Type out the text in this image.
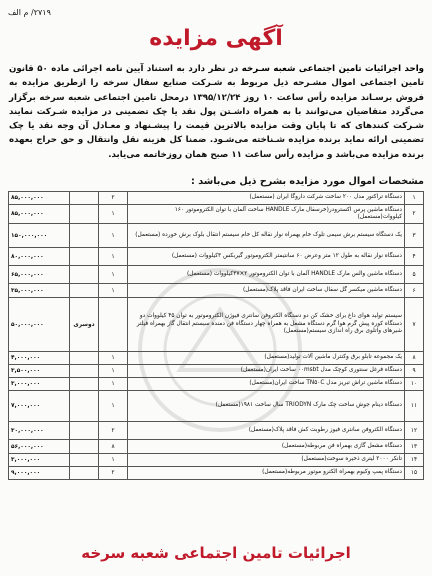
۲۷۱۹/ م الف
آگهی مزایده
واحد اجرائیات تامین اجتماعی شعبه سـرخه در نظر دارد به استناد آیین نامه اجرائی ماده ۵۰ قانون تامین اجتماعی اموال مشـرحه ذیل مربوط به شـرکت صنایع سفال سرخه را ازطریق مزایده به فروش برسـاند مزایده رأس ساعت ۱۰ روز ۱۳۹۵/۱۲/۲۴ درمحل تامین اجتماعی شعبه سرخه برگزار می‌گردد متقاضیان می‌توانند با به همراه داشـتن پول نقد یا چک تضمینی در مزایده شـرکت نمایند شـرکت کنندهای که تا پایان وقت مزایده بالاترین قیمت را پیشـنهاد و معـادل آن وجه نقد یا چک تضمینی ارائه نماید برنده مزایده شـناخته می‌شـود. ضمنا کل هزینه نقل وانتقال و حق حراج بعهده برنده مزایده می‌باشد و مزایده رأس ساعت ۱۱ صبح همان روزخاتمه می‌یابد.
مشخصات اموال مورد مزایده بشرح ذیل می‌باشد :
۱	دستگاه تراکتور مدل ۲۰۰ ساخت شرکت داروگا ایران (مستعمل)	۲		۸۵,۰۰۰,۰۰۰
۲	دستگاه ماشین پرس اکسترودر(خرسفال مارک HANDLE ساخت آلمان با توان الکتروموتور ۱۶۰ کیلووات(مستعمل)	۱		۸۵,۰۰۰,۰۰۰
۳	یک دستگاه سیستم برش سیمی تلوک خام بهمراه نوار نقاله کل خام سیستم انتقال بلوک برش خورده (مستعمل)	۱		۱۵۰,۰۰۰,۰۰۰
۴	دستگاه نوار نقاله به طول ۱۲ متر وعرض ۶۰ سانتیمتر الکتروموتور گیربکس ۳کیلووات (مستعمل)	۱		۸۰,۰۰۰,۰۰۰
۵	دستگاه ماشین والس مارک HANDLE آلمان با توان الکتروموتور ۲×۳۷کیلووات (مستعمل)	۱		۶۵,۰۰۰,۰۰۰
۶	دستگاه ماشین میکسر گل سفال ساخت ایران فاقد پلاک(مستعمل)	۱		۳۵,۰۰۰,۰۰۰
۷	سیستم تولید هوای داغ برای خشک کن دو دستگاه الکتروفن سانتری فیوژن الکتروموتور به توان ۴۵ کیلووات دو دستگاه کوره پیش گرم هوا گرم دستگاه مشعل به همراه چهار دستگاه فن دمنده سیستم انتقال گاز بهمراه فیلتر شیرهای واتلوی برق راه اندازی سیستم(مستعمل)		دوسری	۵۰,۰۰۰,۰۰۰
۸	یک مجموعه تابلو برق وکنترل ماشین آلات تولید(مستعمل)	۱		۴,۰۰۰,۰۰۰
۹	دستگاه فرغل سنتوری کوچک مدل ۰۰msbt ساخت ایران(مستعمل)	۱		۳,۵۰۰,۰۰۰
۱۰	دستگاه ماشین تراش تبریز مدل TN۵۰C ساخت ایران(مستعمل)	۱		۳,۰۰۰,۰۰۰
۱۱	دستگاه دینام جوش ساخت چک مارک TRIODYN سال ساخت ۱۹۸۱(مستعمل)	۱		۷,۰۰۰,۰۰۰
۱۲	دستگاه الکتروفن سانتری فیوز رطوبت کش فاقد پلاک(مستعمل)	۲		۳۰,۰۰۰,۰۰۰
۱۳	دستگاه مشعل گازی بهمراه فن مربوطه(مستعمل)	۸		۵۶,۰۰۰,۰۰۰
۱۴	تانکر ۲۰۰۰ لیتری ذخیره سوخت(مستعمل)	۱		۳,۰۰۰,۰۰۰
۱۵	دستگاه پمپ وکیوم بهمراه الکترو موتور مربوطه(مستعمل)	۲		۹,۰۰۰,۰۰۰
اجرائیات تامین اجتماعی شعبه سرخه
